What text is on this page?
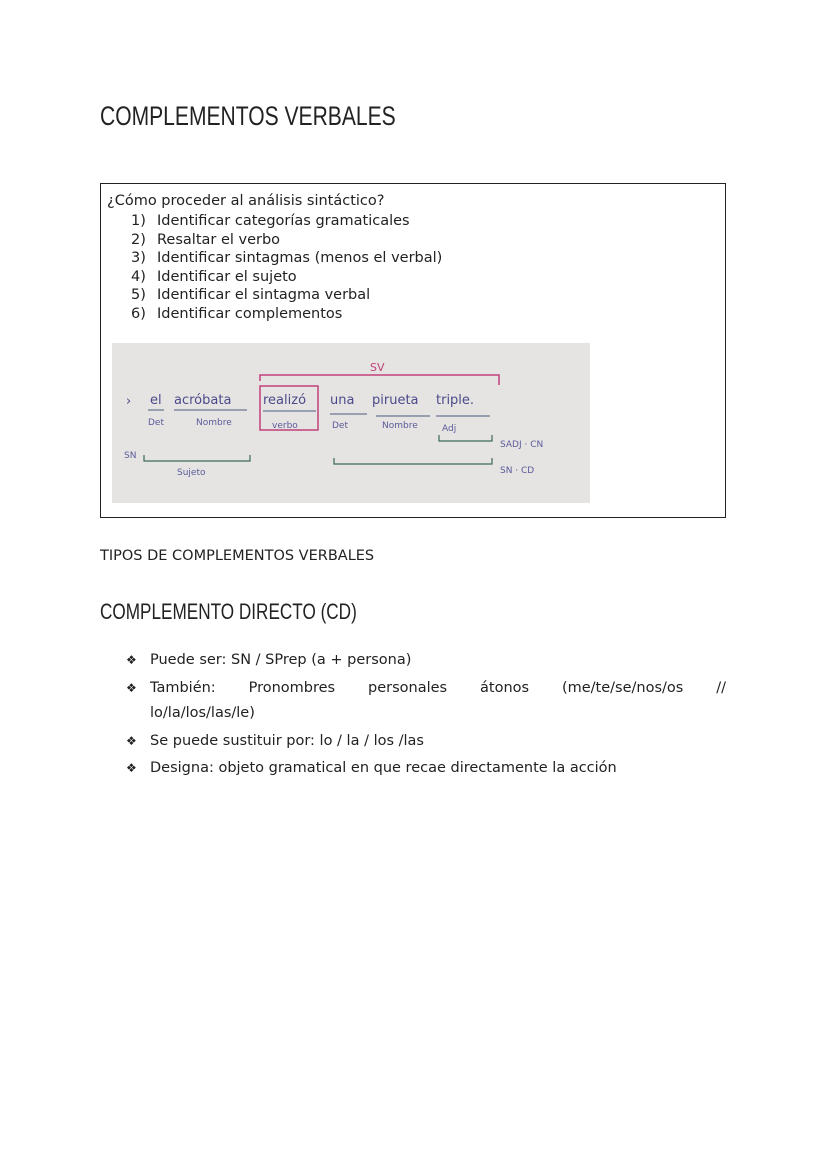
COMPLEMENTOS VERBALES
¿Cómo proceder al análisis sintáctico?
1) Identificar categorías gramaticales
2) Resaltar el verbo
3) Identificar sintagmas (menos el verbal)
4) Identificar el sujeto
5) Identificar el sintagma verbal
6) Identificar complementos
SV
› el acróbata realizó una pirueta triple.
Det	Nombre	verbo	Det	Nombre	Adj
SN
Sujeto
SADJ · CN
SN · CD
TIPOS DE COMPLEMENTOS VERBALES
COMPLEMENTO DIRECTO (CD)
❖ Puede ser: SN / SPrep (a + persona)
❖ También: Pronombres personales átonos (me/te/se/nos/os //
lo/la/los/las/le)
❖ Se puede sustituir por: lo / la / los /las
❖ Designa: objeto gramatical en que recae directamente la acción
